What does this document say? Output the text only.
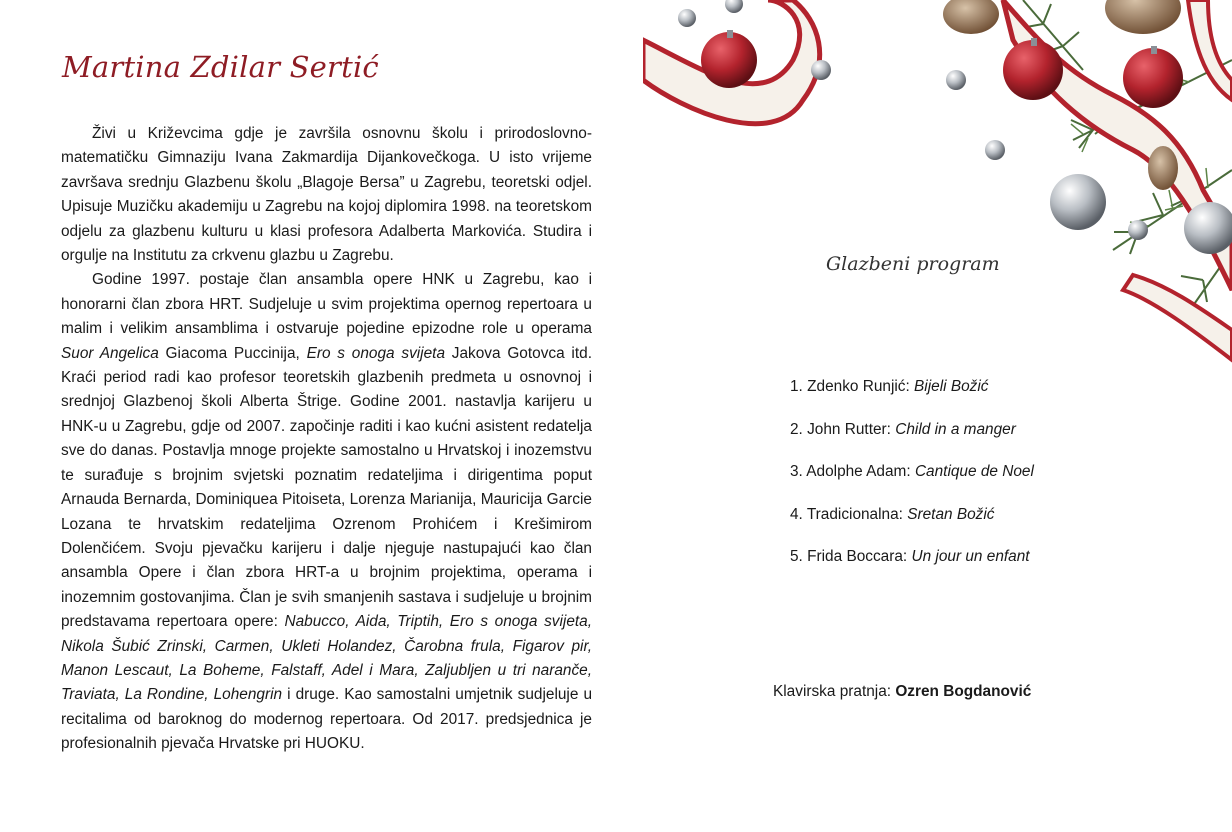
Martina Zdilar Sertić

Živi u Križevcima gdje je završila osnovnu školu i prirodoslovno-matematičku Gimnaziju Ivana Zakmardija Dijankovečkoga. U isto vrijeme završava srednju Glazbenu školu „Blagoje Bersa” u Zagrebu, teoretski odjel. Upisuje Muzičku akademiju u Zagrebu na kojoj diplomira 1998. na teoretskom odjelu za glazbenu kulturu u klasi profesora Adalberta Markovića. Studira i orgulje na Institutu za crkvenu glazbu u Zagrebu.

Godine 1997. postaje član ansambla opere HNK u Zagrebu, kao i honorarni član zbora HRT. Sudjeluje u svim projektima opernog repertoara u malim i velikim ansamblima i ostvaruje pojedine epizodne role u operama Suor Angelica Giacoma Puccinija, Ero s onoga svijeta Jakova Gotovca itd. Kraći period radi kao profesor teoretskih glazbenih predmeta u osnovnoj i srednjoj Glazbenoj školi Alberta Štrige. Godine 2001. nastavlja karijeru u HNK-u u Zagrebu, gdje od 2007. započinje raditi i kao kućni asistent redatelja sve do danas. Postavlja mnoge projekte samostalno u Hrvatskoj i inozemstvu te surađuje s brojnim svjetski poznatim redateljima i dirigentima poput Arnauda Bernarda, Dominiquea Pitoiseta, Lorenza Marianija, Mauricija Garcie Lozana te hrvatskim redateljima Ozrenom Prohićem i Krešimirom Dolenčićem. Svoju pjevačku karijeru i dalje njeguje nastupajući kao član ansambla Opere i član zbora HRT-a u brojnim projektima, operama i inozemnim gostovanjima. Član je svih smanjenih sastava i sudjeluje u brojnim predstavama repertoara opere: Nabucco, Aida, Triptih, Ero s onoga svijeta, Nikola Šubić Zrinski, Carmen, Ukleti Holandez, Čarobna frula, Figarov pir, Manon Lescaut, La Boheme, Falstaff, Adel i Mara, Zaljubljen u tri naranče, Traviata, La Rondine, Lohengrin i druge. Kao samostalni umjetnik sudjeluje u recitalima od baroknog do modernog repertoara. Od 2017. predsjednica je profesionalnih pjevača Hrvatske pri HUOKU.

Glazbeni program
1. Zdenko Runjić: Bijeli Božić
2. John Rutter: Child in a manger
3. Adolphe Adam: Cantique de Noel
4. Tradicionalna: Sretan Božić
5. Frida Boccara: Un jour un enfant
Klavirska pratnja: Ozren Bogdanović
